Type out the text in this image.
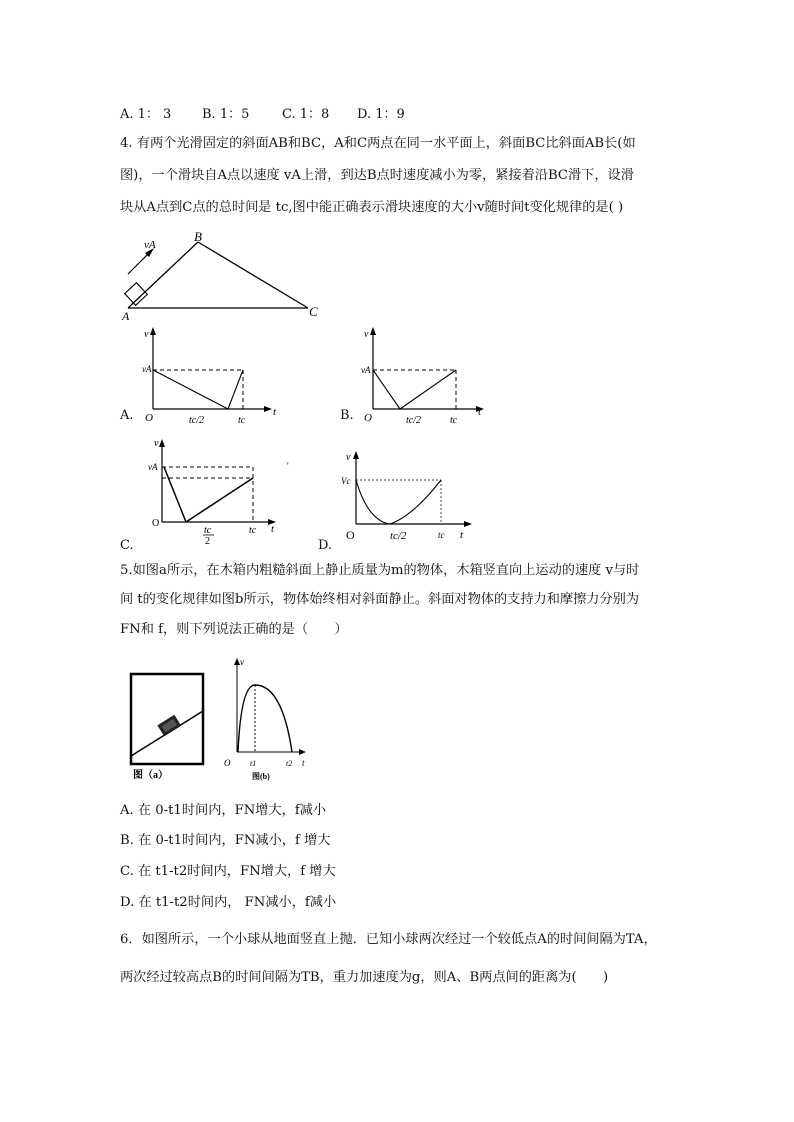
A. 1： 3 B. 1：5	C. 1：8 D. 1：9
4. 有两个光滑固定的斜面AB和BC，A和C两点在同一水平面上，斜面BC比斜面AB长(如
图)，一个滑块自A点以速度 vA上滑，到达B点时速度减小为零，紧接着沿BC滑下，设滑
块从A点到C点的总时间是 tc,图中能正确表示滑块速度的大小v随时间t变化规律的是( )
vA
B
A	C
A.
v
vA
O	tc/2	tc
t	B.
v
vA
O	tc/2	tc
t
C.
v
vA
O
tc
2
tc t
'
D.
v
Vc
O	tc/2	tc t
5.如图a所示，在木箱内粗糙斜面上静止质量为m的物体，木箱竖直向上运动的速度 v与时
间 t的变化规律如图b所示，物体始终相对斜面静止。斜面对物体的支持力和摩擦力分别为
FN和 f，则下列说法正确的是（　　）
图（a）
v
O t1	t2 t
图(b)
A. 在 0-t1时间内，FN增大，f减小
B. 在 0-t1时间内，FN减小，f 增大
C. 在 t1-t2时间内，FN增大，f 增大
D. 在 t1-t2时间内， FN减小，f减小
6．如图所示，一个小球从地面竖直上抛．已知小球两次经过一个较低点A的时间间隔为TA，
两次经过较高点B的时间间隔为TB，重力加速度为g，则A、B两点间的距离为(　　)
